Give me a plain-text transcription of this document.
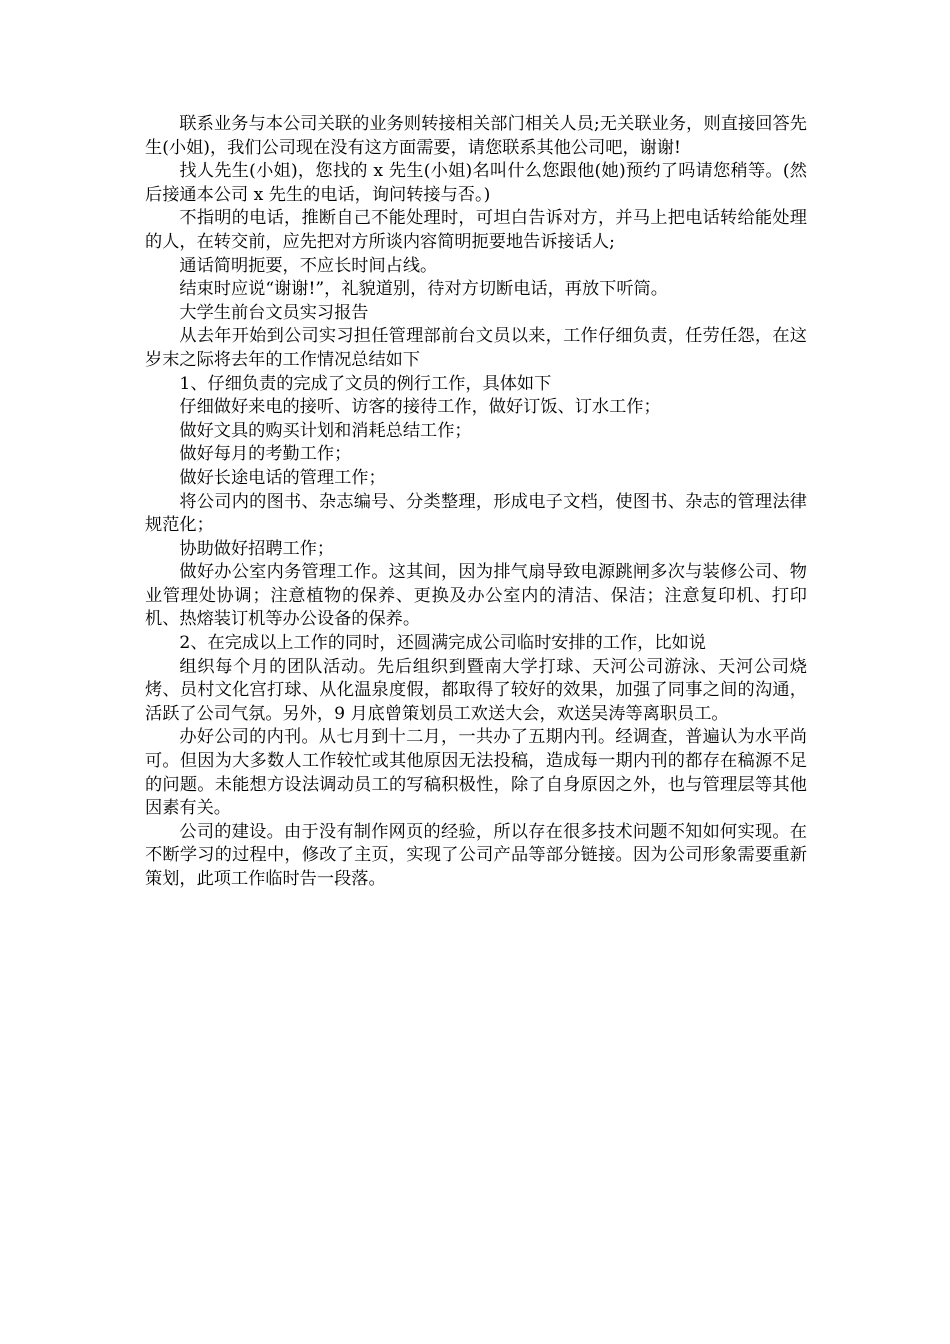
联系业务与本公司关联的业务则转接相关部门相关人员;无关联业务，则直接回答先生(小姐)，我们公司现在没有这方面需要，请您联系其他公司吧，谢谢!

找人先生(小姐)，您找的 x 先生(小姐)名叫什么您跟他(她)预约了吗请您稍等。(然后接通本公司 x 先生的电话，询问转接与否。)

不指明的电话，推断自己不能处理时，可坦白告诉对方，并马上把电话转给能处理的人，在转交前，应先把对方所谈内容简明扼要地告诉接话人;

通话简明扼要，不应长时间占线。

结束时应说“谢谢!”，礼貌道别，待对方切断电话，再放下听筒。

大学生前台文员实习报告

从去年开始到公司实习担任管理部前台文员以来，工作仔细负责，任劳任怨，在这岁末之际将去年的工作情况总结如下

1、仔细负责的完成了文员的例行工作，具体如下

仔细做好来电的接听、访客的接待工作，做好订饭、订水工作；

做好文具的购买计划和消耗总结工作；

做好每月的考勤工作；

做好长途电话的管理工作；

将公司内的图书、杂志编号、分类整理，形成电子文档，使图书、杂志的管理法律规范化；

协助做好招聘工作；

做好办公室内务管理工作。这其间，因为排气扇导致电源跳闸多次与装修公司、物业管理处协调；注意植物的保养、更换及办公室内的清洁、保洁；注意复印机、打印机、热熔装订机等办公设备的保养。

2、在完成以上工作的同时，还圆满完成公司临时安排的工作，比如说

组织每个月的团队活动。先后组织到暨南大学打球、天河公司游泳、天河公司烧烤、员村文化宫打球、从化温泉度假，都取得了较好的效果，加强了同事之间的沟通，活跃了公司气氛。另外，9 月底曾策划员工欢送大会，欢送吴涛等离职员工。

办好公司的内刊。从七月到十二月，一共办了五期内刊。经调查，普遍认为水平尚可。但因为大多数人工作较忙或其他原因无法投稿，造成每一期内刊的都存在稿源不足的问题。未能想方设法调动员工的写稿积极性，除了自身原因之外，也与管理层等其他因素有关。

公司的建设。由于没有制作网页的经验，所以存在很多技术问题不知如何实现。在不断学习的过程中，修改了主页，实现了公司产品等部分链接。因为公司形象需要重新策划，此项工作临时告一段落。
